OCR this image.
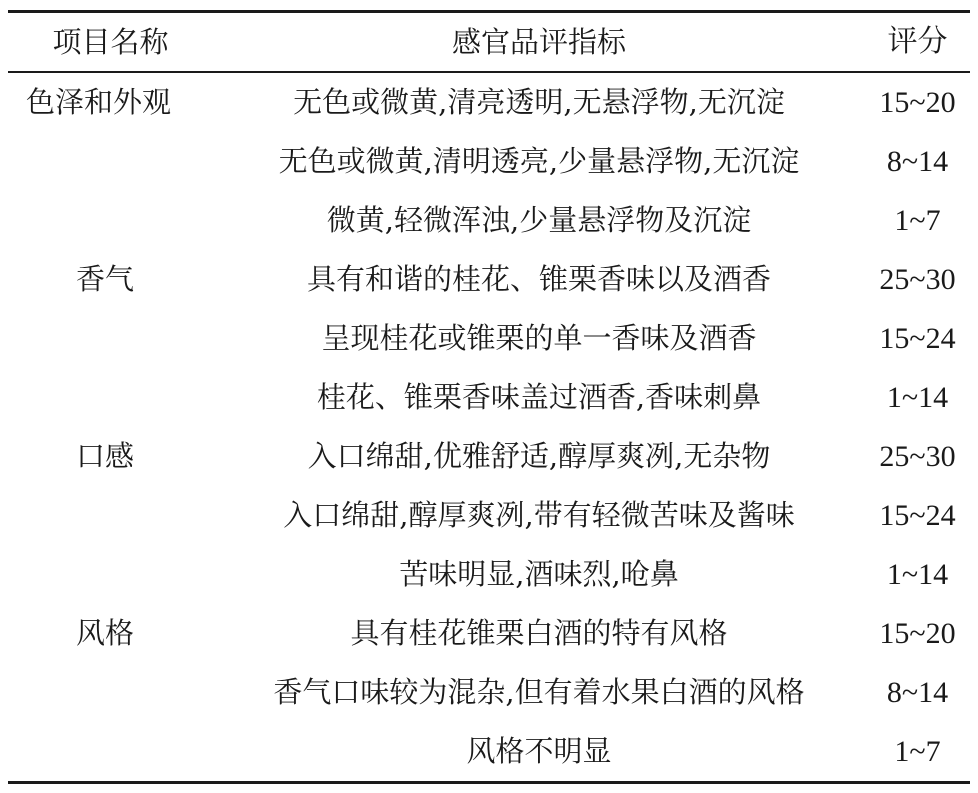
项目名称	感官品评指标	评分
色泽和外观	无色或微黄,清亮透明,无悬浮物,无沉淀	15~20
	无色或微黄,清明透亮,少量悬浮物,无沉淀	8~14
	微黄,轻微浑浊,少量悬浮物及沉淀	1~7
香气	具有和谐的桂花、锥栗香味以及酒香	25~30
	呈现桂花或锥栗的单一香味及酒香	15~24
	桂花、锥栗香味盖过酒香,香味刺鼻	1~14
口感	入口绵甜,优雅舒适,醇厚爽冽,无杂物	25~30
	入口绵甜,醇厚爽冽,带有轻微苦味及酱味	15~24
	苦味明显,酒味烈,呛鼻	1~14
风格	具有桂花锥栗白酒的特有风格	15~20
	香气口味较为混杂,但有着水果白酒的风格	8~14
	风格不明显	1~7
